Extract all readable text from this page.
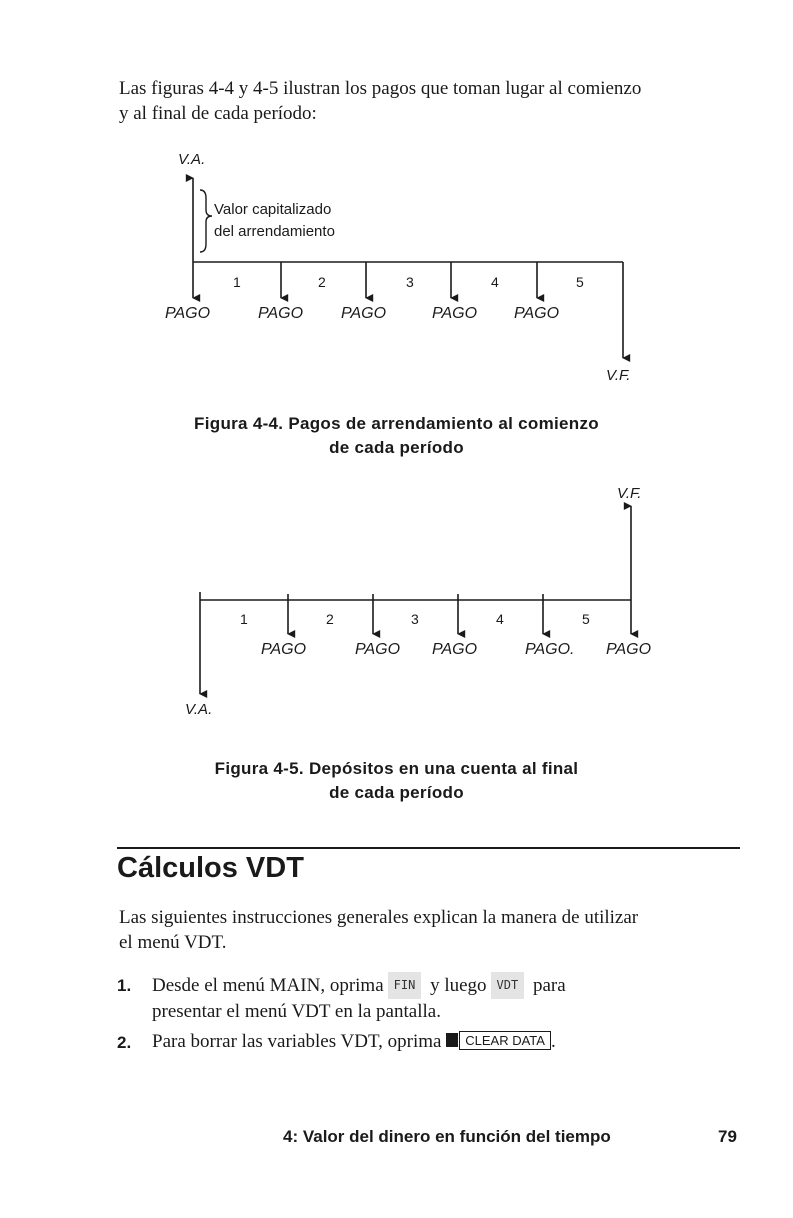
Las figuras 4-4 y 4-5 ilustran los pagos que toman lugar al comienzo
y al final de cada período:
V.A.
Valor capitalizado
del arrendamiento
1	2	3	4	5
PAGO	PAGO PAGO	PAGO PAGO
V.F.
V.F.
1	2	3	4	5
PAGO	PAGO PAGO	PAGO. PAGO
V.A.
Figura 4-4. Pagos de arrendamiento al comienzo
de cada período
Figura 4-5. Depósitos en una cuenta al final
de cada período
Cálculos VDT
Las siguientes instrucciones generales explican la manera de utilizar
el menú VDT.
1. Desde el menú MAIN, oprima FIN y luego VDT para
presentar el menú VDT en la pantalla.
2. Para borrar las variables VDT, oprima CLEAR DATA .
4: Valor del dinero en función del tiempo	79
